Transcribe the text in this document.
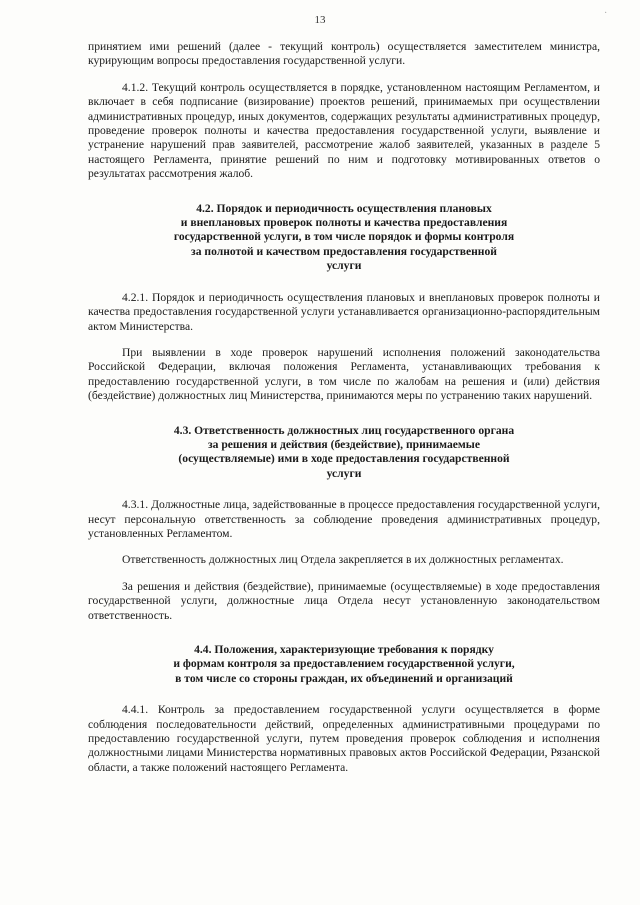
13
·

принятием ими решений (далее - текущий контроль) осуществляется заместителем министра, курирующим вопросы предоставления государственной услуги.

4.1.2. Текущий контроль осуществляется в порядке, установленном настоящим Регламентом, и включает в себя подписание (визирование) проектов решений, принимаемых при осуществлении административных процедур, иных документов, содержащих результаты административных процедур, проведение проверок полноты и качества предоставления государственной услуги, выявление и устранение нарушений прав заявителей, рассмотрение жалоб заявителей, указанных в разделе 5 настоящего Регламента, принятие решений по ним и подготовку мотивированных ответов о результатах рассмотрения жалоб.

4.2. Порядок и периодичность осуществления плановых

и внеплановых проверок полноты и качества предоставления

государственной услуги, в том числе порядок и формы контроля

за полнотой и качеством предоставления государственной

услуги

4.2.1. Порядок и периодичность осуществления плановых и внеплановых проверок полноты и качества предоставления государственной услуги устанавливается организационно-распорядительным актом Министерства.

При выявлении в ходе проверок нарушений исполнения положений законодательства Российской Федерации, включая положения Регламента, устанавливающих требования к предоставлению государственной услуги, в том числе по жалобам на решения и (или) действия (бездействие) должностных лиц Министерства, принимаются меры по устранению таких нарушений.

4.3. Ответственность должностных лиц государственного органа

за решения и действия (бездействие), принимаемые

(осуществляемые) ими в ходе предоставления государственной

услуги

4.3.1. Должностные лица, задействованные в процессе предоставления государственной услуги, несут персональную ответственность за соблюдение проведения административных процедур, установленных Регламентом.

Ответственность должностных лиц Отдела закрепляется в их должностных регламентах.

За решения и действия (бездействие), принимаемые (осуществляемые) в ходе предоставления государственной услуги, должностные лица Отдела несут установленную законодательством ответственность.

4.4. Положения, характеризующие требования к порядку

и формам контроля за предоставлением государственной услуги,

в том числе со стороны граждан, их объединений и организаций

4.4.1. Контроль за предоставлением государственной услуги осуществляется в форме соблюдения последовательности действий, определенных административными процедурами по предоставлению государственной услуги, путем проведения проверок соблюдения и исполнения должностными лицами Министерства нормативных правовых актов Российской Федерации, Рязанской области, а также положений настоящего Регламента.
